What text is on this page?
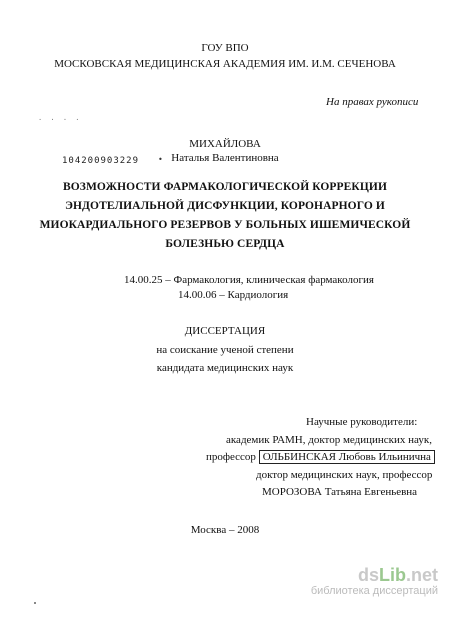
ГОУ ВПО
МОСКОВСКАЯ МЕДИЦИНСКАЯ АКАДЕМИЯ ИМ. И.М. СЕЧЕНОВА
На правах рукописи
· · · ·
МИХАЙЛОВА
104200903229 • Наталья Валентиновна
ВОЗМОЖНОСТИ ФАРМАКОЛОГИЧЕСКОЙ КОРРЕКЦИИ
ЭНДОТЕЛИАЛЬНОЙ ДИСФУНКЦИИ, КОРОНАРНОГО И
МИОКАРДИАЛЬНОГО РЕЗЕРВОВ У БОЛЬНЫХ ИШЕМИЧЕСКОЙ
БОЛЕЗНЬЮ СЕРДЦА
14.00.25 – Фармакология, клиническая фармакология
14.00.06 – Кардиология
ДИССЕРТАЦИЯ
на соискание ученой степени
кандидата медицинских наук
Научные руководители:
академик РАМН, доктор медицинских наук,
профессор ОЛЬБИНСКАЯ Любовь Ильинична
доктор медицинских наук, профессор
МОРОЗОВА Татьяна Евгеньевна
Москва – 2008
dsLib.net
библиотека диссертаций
